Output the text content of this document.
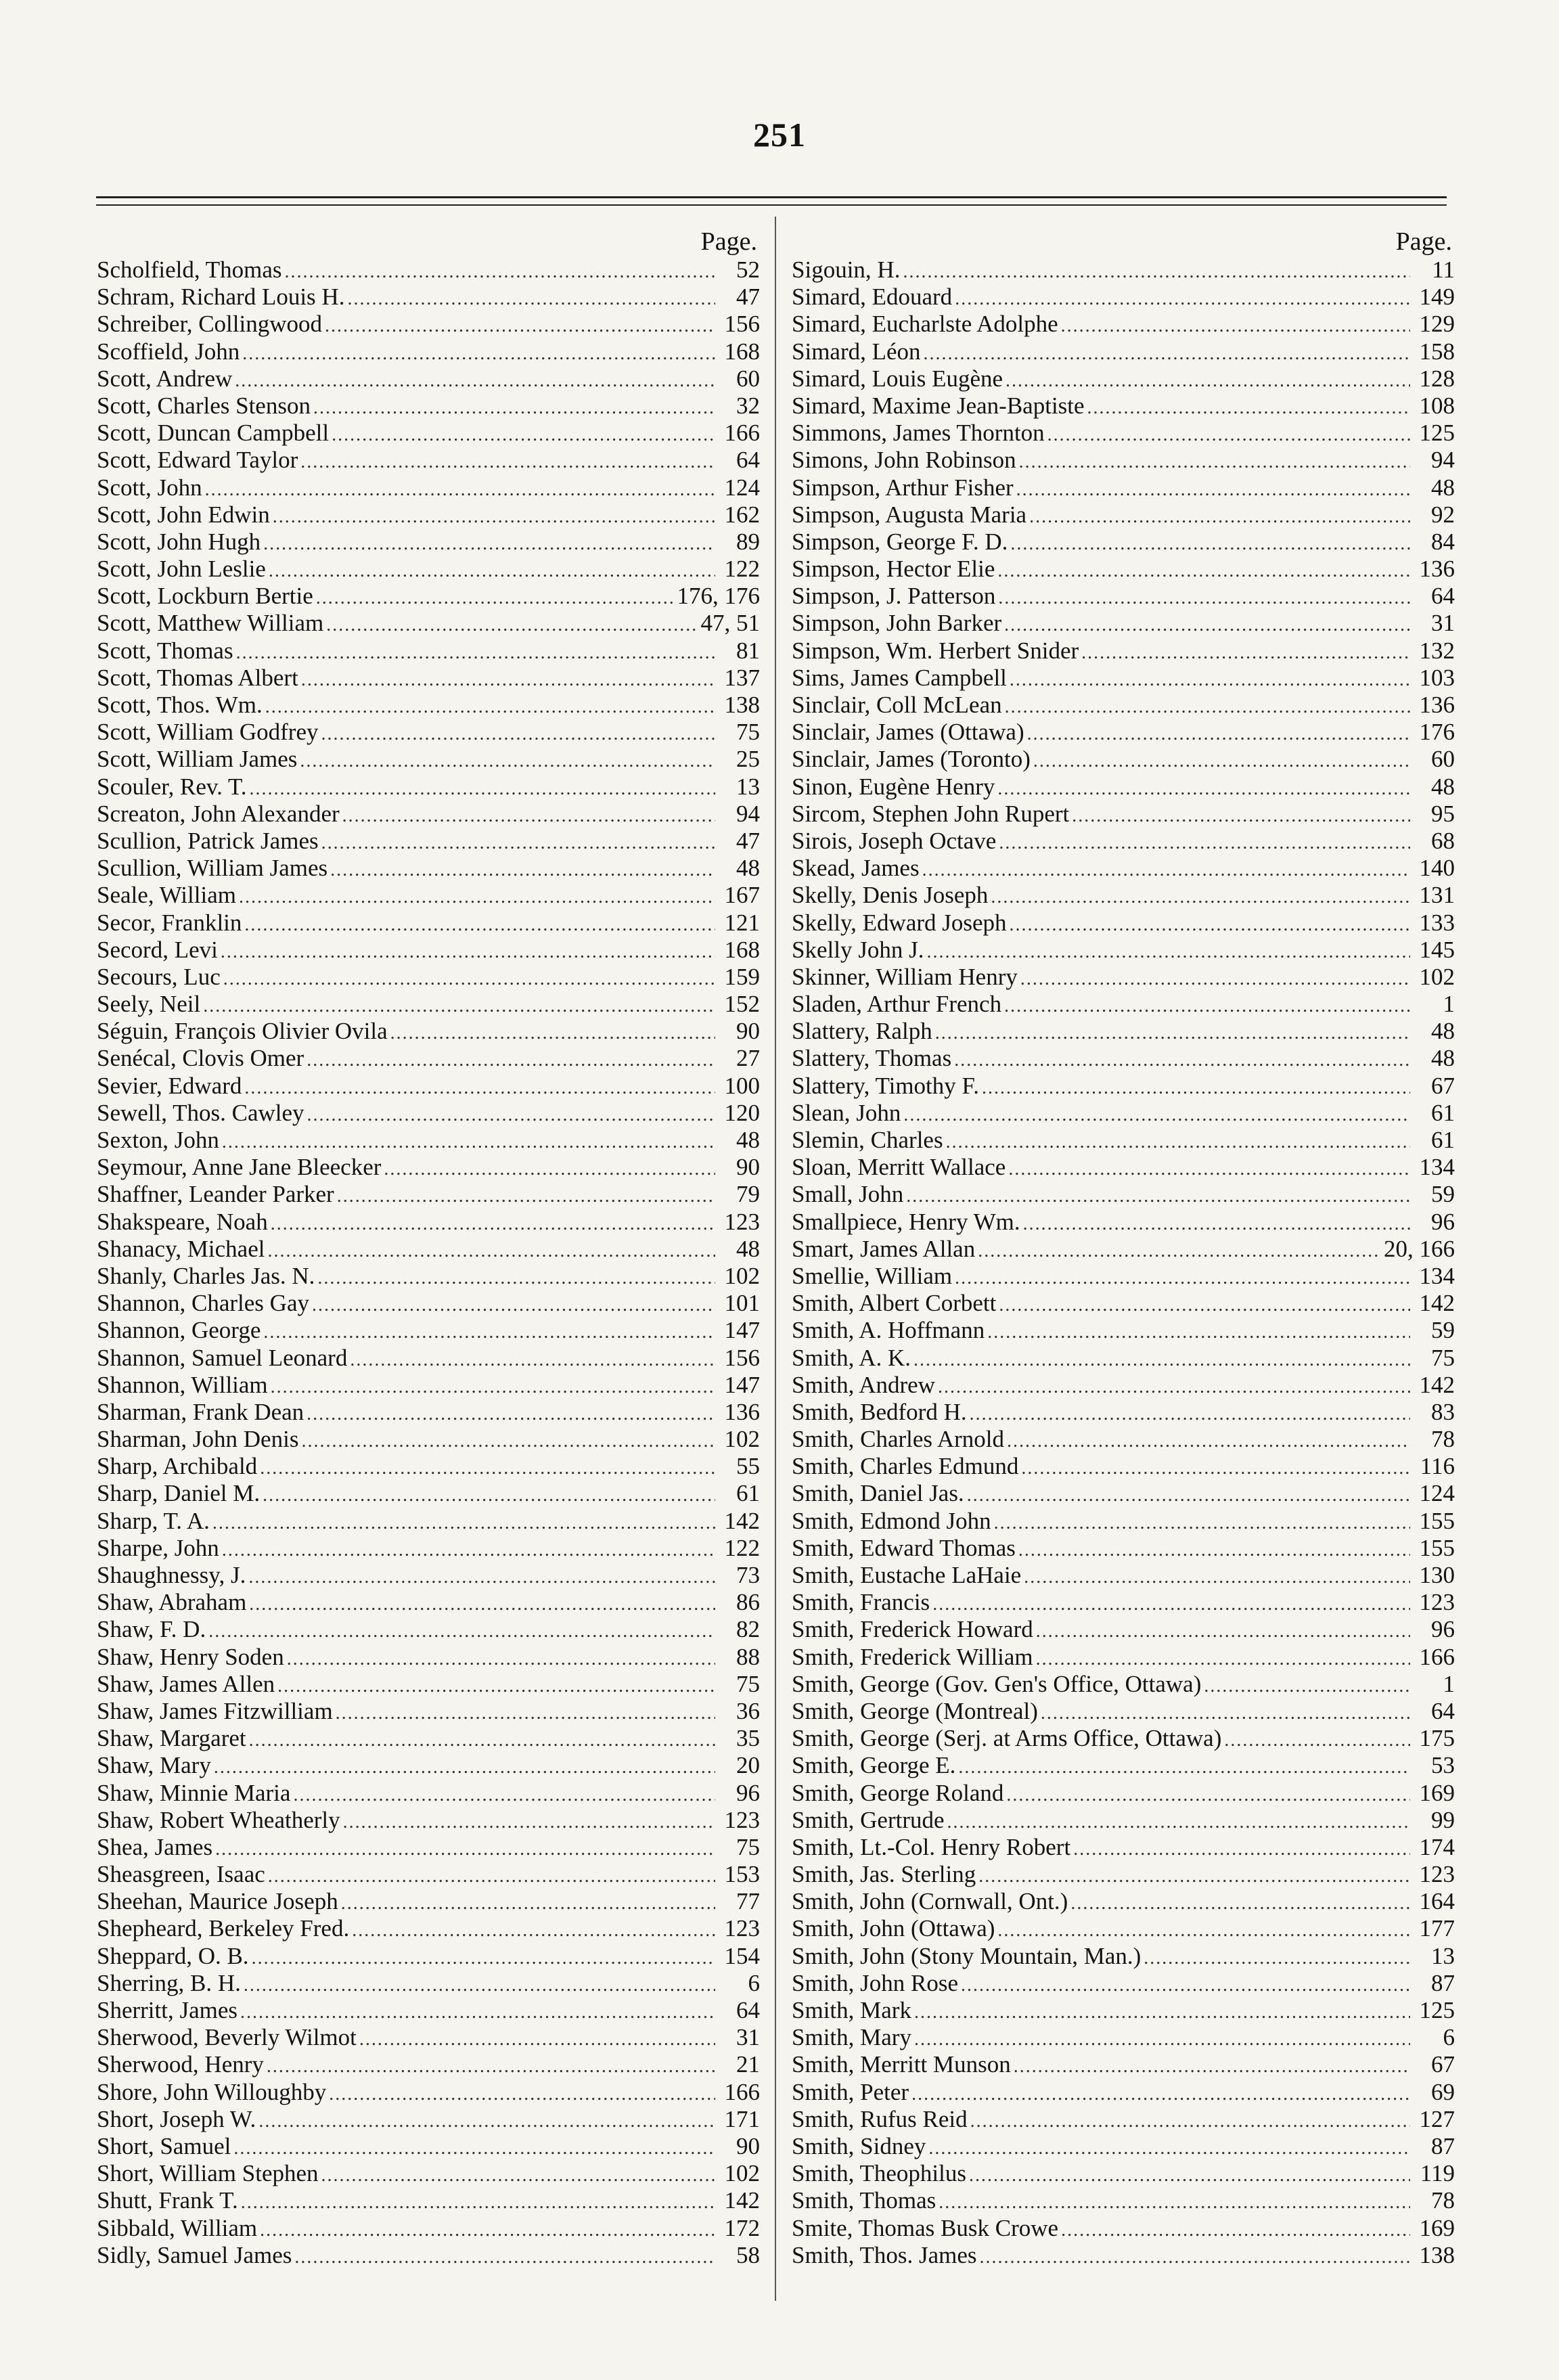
251
Page.
Scholfield, Thomas .....	52
Schram, Richard Louis H. .....	47
Schreiber, Collingwood .....	156
Scoffield, John .....	168
Scott, Andrew .....	60
Scott, Charles Stenson .....	32
Scott, Duncan Campbell .....	166
Scott, Edward Taylor .....	64
Scott, John .....	124
Scott, John Edwin .....	162
Scott, John Hugh .....	89
Scott, John Leslie .....	122
Scott, Lockburn Bertie .....	176, 176
Scott, Matthew William .....	47, 51
Scott, Thomas .....	81
Scott, Thomas Albert .....	137
Scott, Thos. Wm. .....	138
Scott, William Godfrey .....	75
Scott, William James .....	25
Scouler, Rev. T. .....	13
Screaton, John Alexander .....	94
Scullion, Patrick James .....	47
Scullion, William James .....	48
Seale, William .....	167
Secor, Franklin .....	121
Secord, Levi .....	168
Secours, Luc .....	159
Seely, Neil .....	152
Séguin, François Olivier Ovila .....	90
Senécal, Clovis Omer .....	27
Sevier, Edward .....	100
Sewell, Thos. Cawley .....	120
Sexton, John .....	48
Seymour, Anne Jane Bleecker .....	90
Shaffner, Leander Parker .....	79
Shakspeare, Noah .....	123
Shanacy, Michael .....	48
Shanly, Charles Jas. N. .....	102
Shannon, Charles Gay .....	101
Shannon, George .....	147
Shannon, Samuel Leonard .....	156
Shannon, William .....	147
Sharman, Frank Dean .....	136
Sharman, John Denis .....	102
Sharp, Archibald .....	55
Sharp, Daniel M. .....	61
Sharp, T. A. .....	142
Sharpe, John .....	122
Shaughnessy, J. .....	73
Shaw, Abraham .....	86
Shaw, F. D. .....	82
Shaw, Henry Soden .....	88
Shaw, James Allen .....	75
Shaw, James Fitzwilliam .....	36
Shaw, Margaret .....	35
Shaw, Mary .....	20
Shaw, Minnie Maria .....	96
Shaw, Robert Wheatherly .....	123
Shea, James .....	75
Sheasgreen, Isaac .....	153
Sheehan, Maurice Joseph .....	77
Shepheard, Berkeley Fred. .....	123
Sheppard, O. B. .....	154
Sherring, B. H. .....	6
Sherritt, James .....	64
Sherwood, Beverly Wilmot .....	31
Sherwood, Henry .....	21
Shore, John Willoughby .....	166
Short, Joseph W. .....	171
Short, Samuel .....	90
Short, William Stephen .....	102
Shutt, Frank T. .....	142
Sibbald, William .....	172
Sidly, Samuel James .....	58
Page.
Sigouin, H. .....	11
Simard, Edouard .....	149
Simard, Eucharlste Adolphe .....	129
Simard, Léon .....	158
Simard, Louis Eugène .....	128
Simard, Maxime Jean-Baptiste .....	108
Simmons, James Thornton .....	125
Simons, John Robinson .....	94
Simpson, Arthur Fisher .....	48
Simpson, Augusta Maria .....	92
Simpson, George F. D. .....	84
Simpson, Hector Elie .....	136
Simpson, J. Patterson .....	64
Simpson, John Barker .....	31
Simpson, Wm. Herbert Snider .....	132
Sims, James Campbell .....	103
Sinclair, Coll McLean .....	136
Sinclair, James (Ottawa) .....	176
Sinclair, James (Toronto) .....	60
Sinon, Eugène Henry .....	48
Sircom, Stephen John Rupert .....	95
Sirois, Joseph Octave .....	68
Skead, James .....	140
Skelly, Denis Joseph .....	131
Skelly, Edward Joseph .....	133
Skelly John J. .....	145
Skinner, William Henry .....	102
Sladen, Arthur French .....	1
Slattery, Ralph .....	48
Slattery, Thomas .....	48
Slattery, Timothy F. .....	67
Slean, John .....	61
Slemin, Charles .....	61
Sloan, Merritt Wallace .....	134
Small, John .....	59
Smallpiece, Henry Wm. .....	96
Smart, James Allan .....	20, 166
Smellie, William .....	134
Smith, Albert Corbett .....	142
Smith, A. Hoffmann .....	59
Smith, A. K. .....	75
Smith, Andrew .....	142
Smith, Bedford H. .....	83
Smith, Charles Arnold .....	78
Smith, Charles Edmund .....	116
Smith, Daniel Jas. .....	124
Smith, Edmond John .....	155
Smith, Edward Thomas .....	155
Smith, Eustache LaHaie .....	130
Smith, Francis .....	123
Smith, Frederick Howard .....	96
Smith, Frederick William .....	166
Smith, George (Gov. Gen's Office, Ottawa) .....	1
Smith, George (Montreal) .....	64
Smith, George (Serj. at Arms Office, Ottawa) .....	175
Smith, George E. .....	53
Smith, George Roland .....	169
Smith, Gertrude .....	99
Smith, Lt.-Col. Henry Robert .....	174
Smith, Jas. Sterling .....	123
Smith, John (Cornwall, Ont.) .....	164
Smith, John (Ottawa) .....	177
Smith, John (Stony Mountain, Man.) .....	13
Smith, John Rose .....	87
Smith, Mark .....	125
Smith, Mary .....	6
Smith, Merritt Munson .....	67
Smith, Peter .....	69
Smith, Rufus Reid .....	127
Smith, Sidney .....	87
Smith, Theophilus .....	119
Smith, Thomas .....	78
Smite, Thomas Busk Crowe .....	169
Smith, Thos. James .....	138
